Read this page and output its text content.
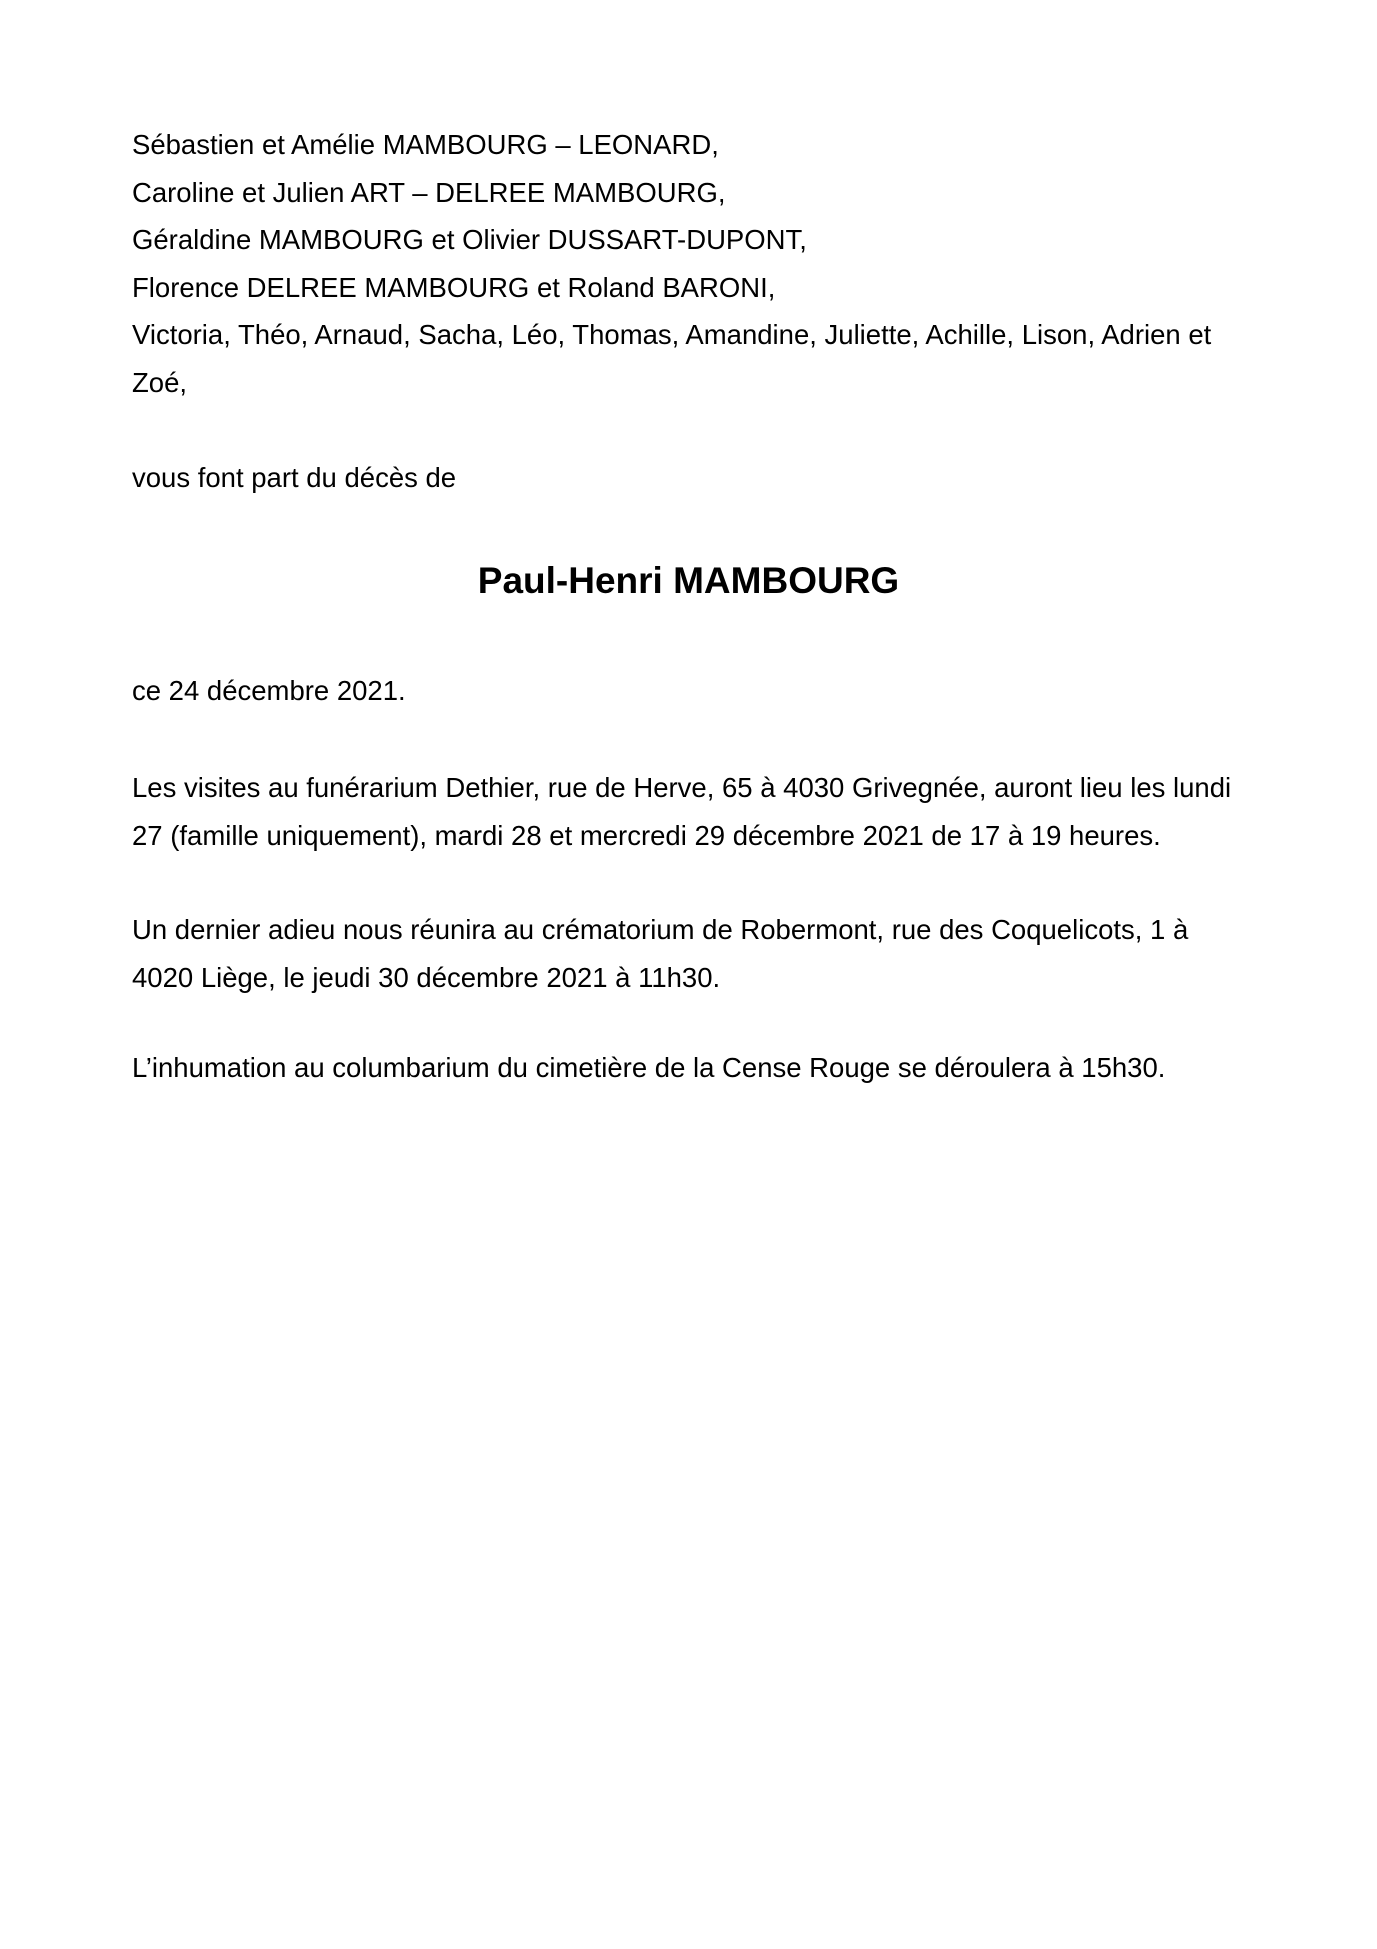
Sébastien et Amélie MAMBOURG – LEONARD,
Caroline et Julien ART – DELREE MAMBOURG,
Géraldine MAMBOURG et Olivier DUSSART-DUPONT,
Florence DELREE MAMBOURG et Roland BARONI,
Victoria, Théo, Arnaud, Sacha, Léo, Thomas, Amandine, Juliette, Achille, Lison, Adrien et
Zoé,

vous font part du décès de

Paul-Henri MAMBOURG

ce 24 décembre 2021.

Les visites au funérarium Dethier, rue de Herve, 65 à 4030 Grivegnée, auront lieu les lundi
27 (famille uniquement), mardi 28 et mercredi 29 décembre 2021 de 17 à 19 heures.
Un dernier adieu nous réunira au crématorium de Robermont, rue des Coquelicots, 1 à
4020 Liège, le jeudi 30 décembre 2021 à 11h30.
L’inhumation au columbarium du cimetière de la Cense Rouge se déroulera à 15h30.
